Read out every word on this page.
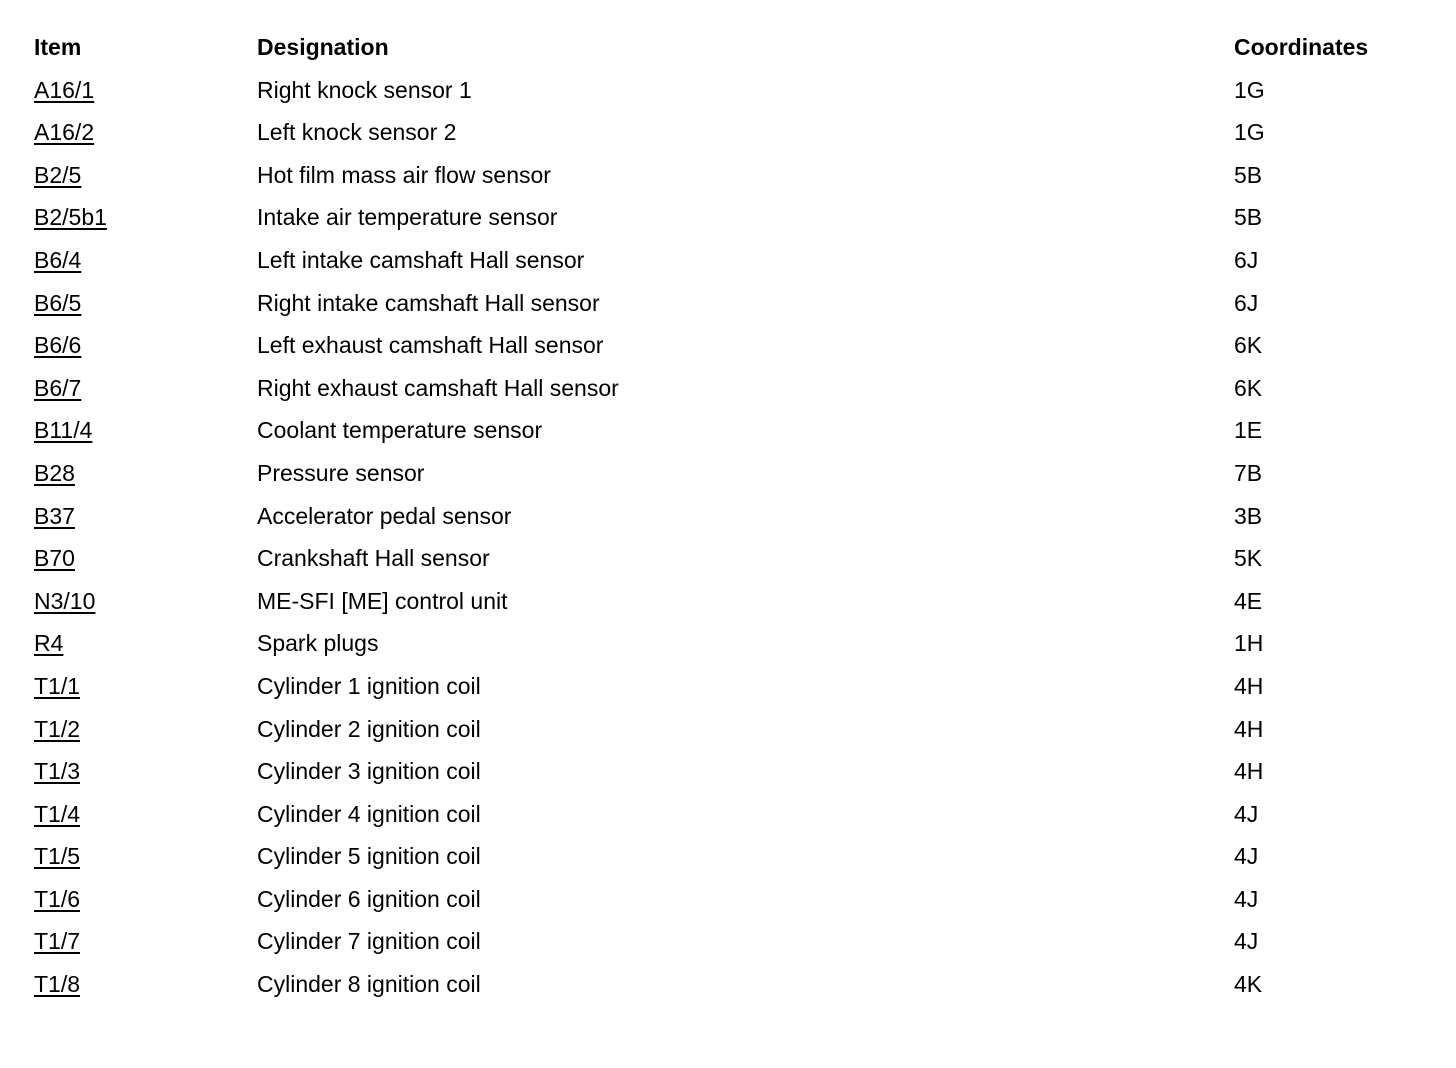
Item	Designation	Coordinates
A16/1	Right knock sensor 1	1G
A16/2	Left knock sensor 2	1G
B2/5	Hot film mass air flow sensor	5B
B2/5b1	Intake air temperature sensor	5B
B6/4	Left intake camshaft Hall sensor	6J
B6/5	Right intake camshaft Hall sensor	6J
B6/6	Left exhaust camshaft Hall sensor	6K
B6/7	Right exhaust camshaft Hall sensor	6K
B11/4	Coolant temperature sensor	1E
B28	Pressure sensor	7B
B37	Accelerator pedal sensor	3B
B70	Crankshaft Hall sensor	5K
N3/10	ME-SFI [ME] control unit	4E
R4	Spark plugs	1H
T1/1	Cylinder 1 ignition coil	4H
T1/2	Cylinder 2 ignition coil	4H
T1/3	Cylinder 3 ignition coil	4H
T1/4	Cylinder 4 ignition coil	4J
T1/5	Cylinder 5 ignition coil	4J
T1/6	Cylinder 6 ignition coil	4J
T1/7	Cylinder 7 ignition coil	4J
T1/8	Cylinder 8 ignition coil	4K
